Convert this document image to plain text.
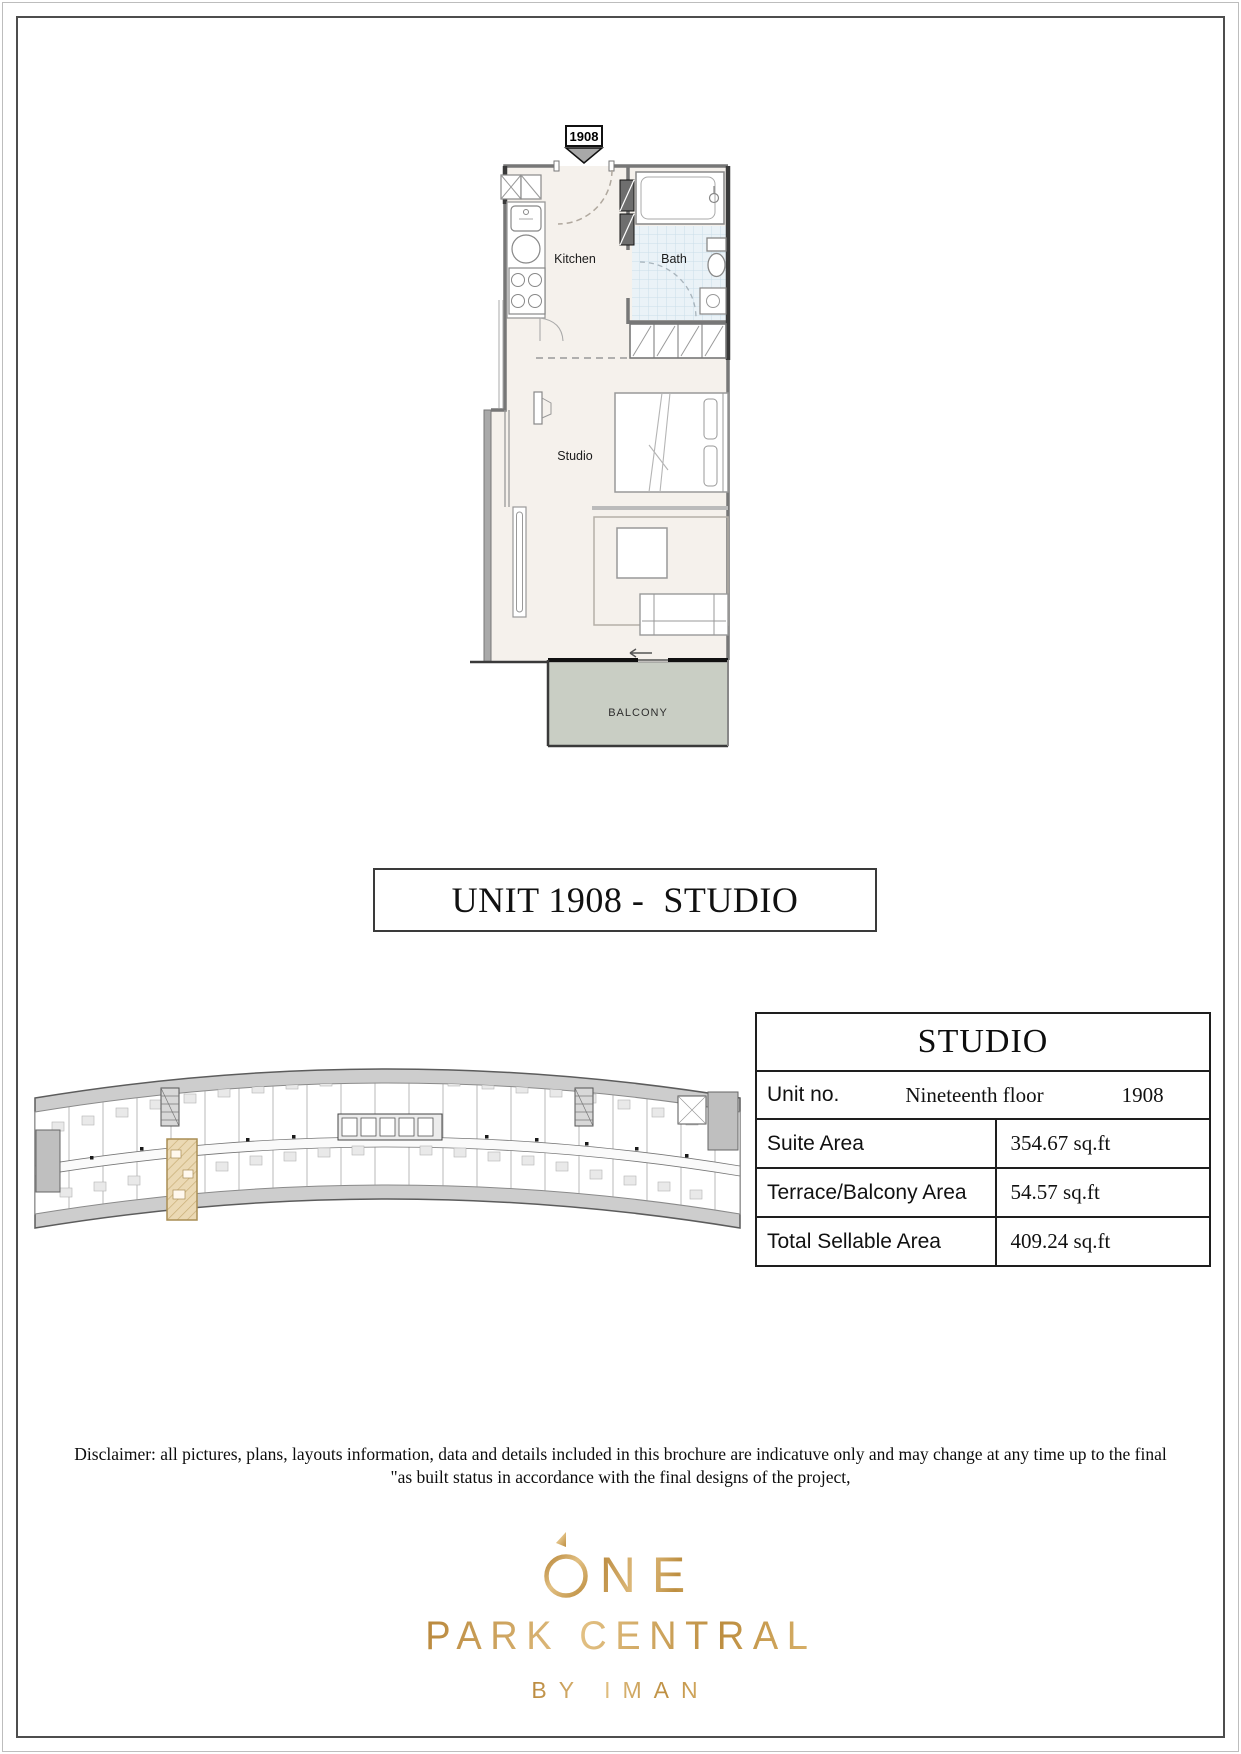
1908
Kitchen	Bath
Studio
BALCONY
UNIT 1908 -  STUDIO
STUDIO
Unit no.	Nineteenth floor	1908
Suite Area	354.67 sq.ft
Terrace/Balcony Area	54.57 sq.ft
Total Sellable Area	409.24 sq.ft
Disclaimer: all pictures, plans, layouts information, data and details included in this brochure are indicatuve only and may change at any time up to the final
"as built status in accordance with the final designs of the project,
NE
PARK CENTRAL
BY IMAN
